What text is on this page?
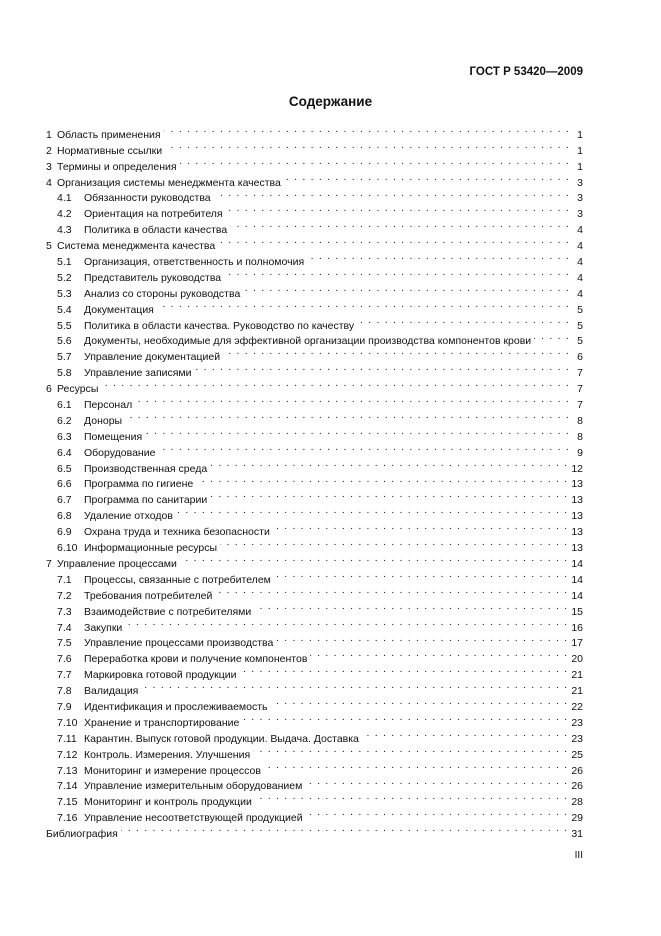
ГОСТ Р 53420—2009
Содержание
1 Область применения . . .	1
2 Нормативные ссылки . . .	1
3 Термины и определения . . .	1
4 Организация системы менеджмента качества . . .	3
4.1	Обязанности руководства . . .	3
4.2	Ориентация на потребителя . . .	3
4.3	Политика в области качества . . .	4
5 Система менеджмента качества . . .	4
5.1	Организация, ответственность и полномочия . . .	4
5.2	Представитель руководства . . .	4
5.3	Анализ со стороны руководства . . .	4
5.4	Документация . . .	5
5.5	Политика в области качества. Руководство по качеству . . .	5
5.6	Документы, необходимые для эффективной организации производства компонентов крови . . .	5
5.7	Управление документацией . . .	6
5.8	Управление записями . . .	7
6 Ресурсы . . .	7
6.1	Персонал . . .	7
6.2	Доноры . . .	8
6.3	Помещения . . .	8
6.4	Оборудование . . .	9
6.5	Производственная среда . . .	12
6.6	Программа по гигиене . . .	13
6.7	Программа по санитарии . . .	13
6.8	Удаление отходов . . .	13
6.9	Охрана труда и техника безопасности . . .	13
6.10 Информационные ресурсы . . .	13
7 Управление процессами . . .	14
7.1	Процессы, связанные с потребителем . . .	14
7.2	Требования потребителей . . .	14
7.3	Взаимодействие с потребителями . . .	15
7.4	Закупки . . .	16
7.5	Управление процессами производства . . .	17
7.6	Переработка крови и получение компонентов . . .	20
7.7	Маркировка готовой продукции . . .	21
7.8	Валидация . . .	21
7.9	Идентификация и прослеживаемость . . .	22
7.10 Хранение и транспортирование . . .	23
7.11 Карантин. Выпуск готовой продукции. Выдача. Доставка . . .	23
7.12 Контроль. Измерения. Улучшения . . .	25
7.13 Мониторинг и измерение процессов . . .	26
7.14 Управление измерительным оборудованием . . .	26
7.15 Мониторинг и контроль продукции . . .	28
7.16 Управление несоответствующей продукцией . . .	29
Библиография . . .	31
III
